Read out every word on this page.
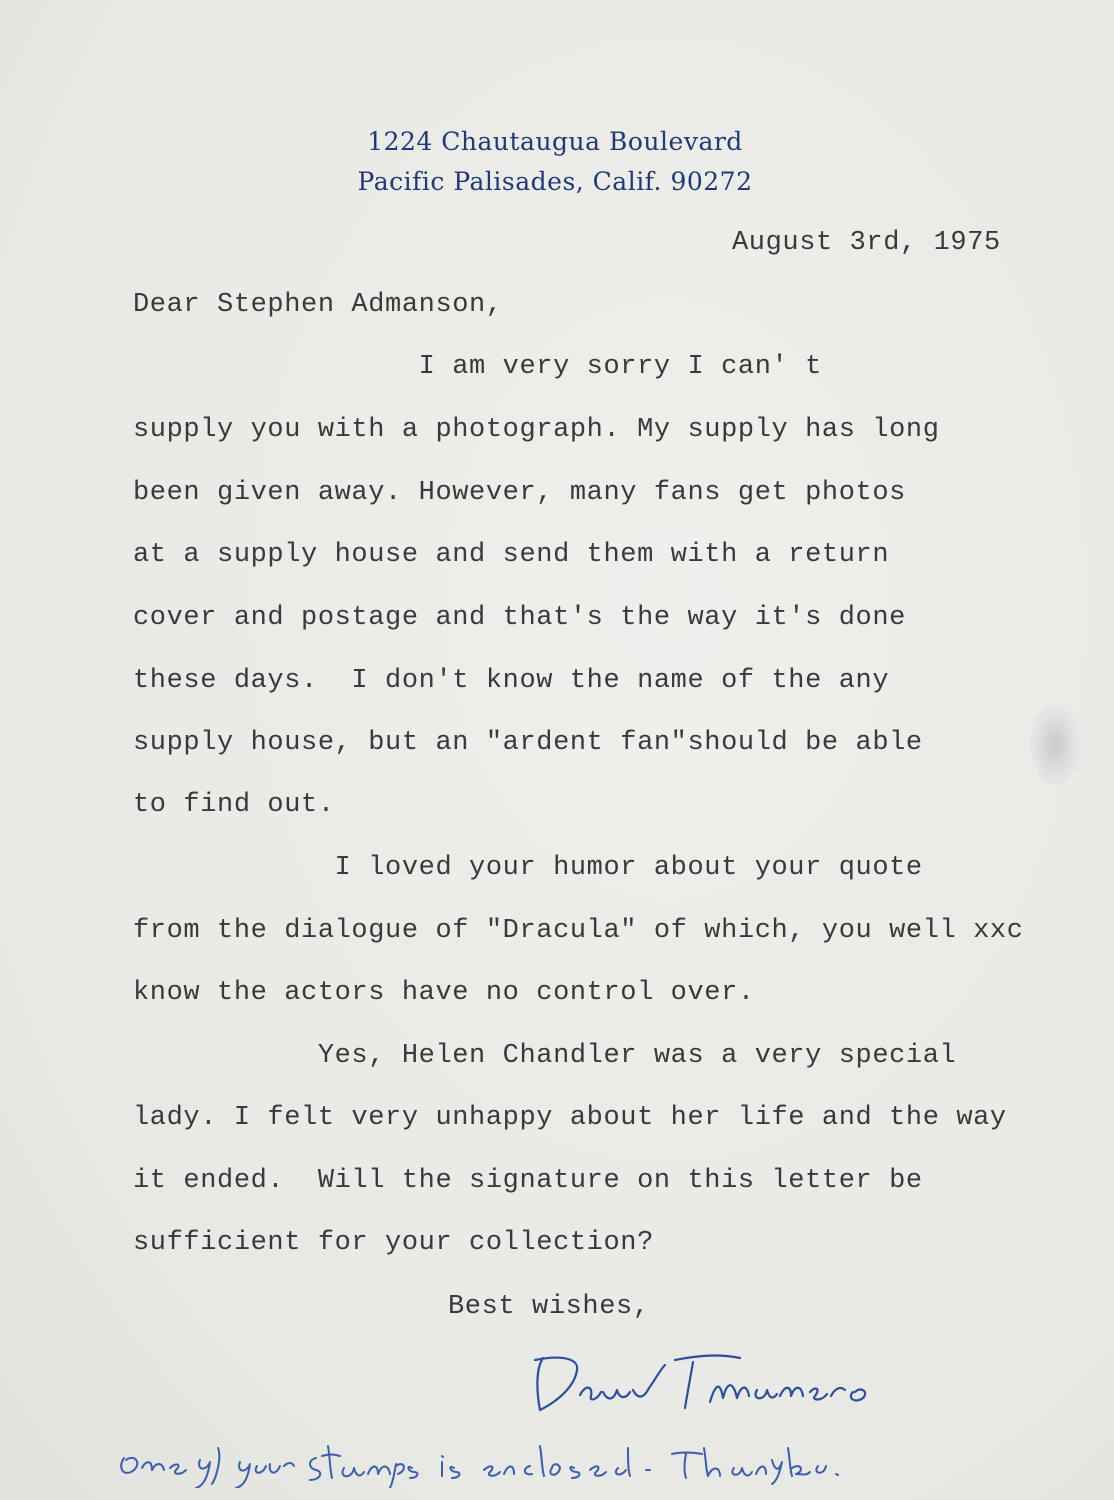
1224 Chautaugua Boulevard
Pacific Palisades, Calif. 90272
August 3rd, 1975
Dear Stephen Admanson,
I am very sorry I can' t
supply you with a photograph. My supply has long
been given away. However, many fans get photos
at a supply house and send them with a return
cover and postage and that's the way it's done
these days.  I don't know the name of the any
supply house, but an "ardent fan"should be able
to find out.
I loved your humor about your quote
from the dialogue of "Dracula" of which, you well xxc
know the actors have no control over.
Yes, Helen Chandler was a very special
lady. I felt very unhappy about her life and the way
it ended.  Will the signature on this letter be
sufficient for your collection?
Best wishes,
